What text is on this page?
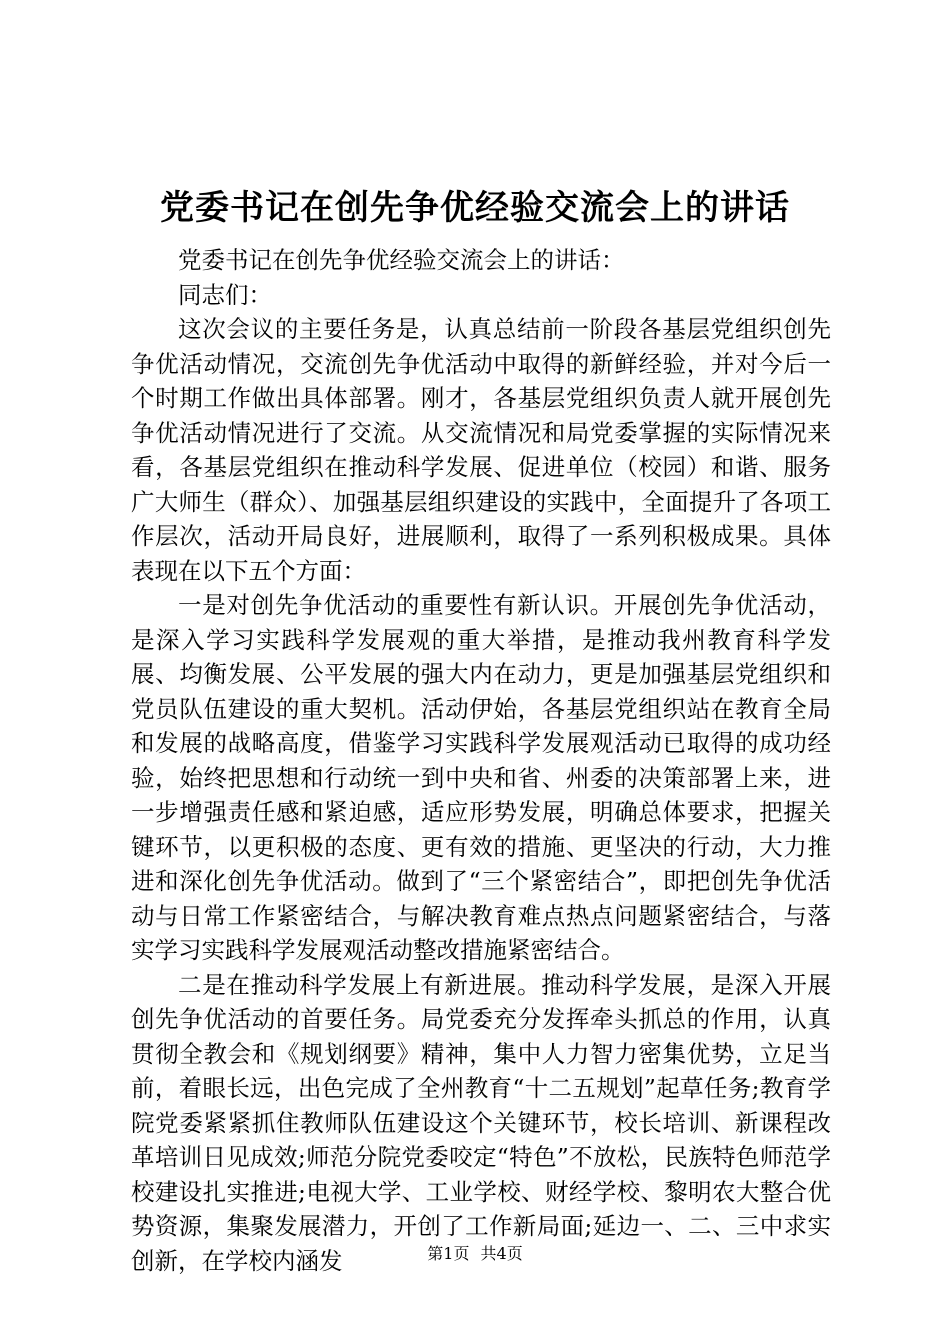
党委书记在创先争优经验交流会上的讲话

党委书记在创先争优经验交流会上的讲话：

同志们：

这次会议的主要任务是，认真总结前一阶段各基层党组织创先争优活动情况，交流创先争优活动中取得的新鲜经验，并对今后一个时期工作做出具体部署。刚才，各基层党组织负责人就开展创先争优活动情况进行了交流。从交流情况和局党委掌握的实际情况来看，各基层党组织在推动科学发展、促进单位（校园）和谐、服务广大师生（群众）、加强基层组织建设的实践中，全面提升了各项工作层次，活动开局良好，进展顺利，取得了一系列积极成果。具体表现在以下五个方面：

一是对创先争优活动的重要性有新认识。开展创先争优活动，是深入学习实践科学发展观的重大举措，是推动我州教育科学发展、均衡发展、公平发展的强大内在动力，更是加强基层党组织和党员队伍建设的重大契机。活动伊始，各基层党组织站在教育全局和发展的战略高度，借鉴学习实践科学发展观活动已取得的成功经验，始终把思想和行动统一到中央和省、州委的决策部署上来，进一步增强责任感和紧迫感，适应形势发展，明确总体要求，把握关键环节，以更积极的态度、更有效的措施、更坚决的行动，大力推进和深化创先争优活动。做到了“三个紧密结合”，即把创先争优活动与日常工作紧密结合，与解决教育难点热点问题紧密结合，与落实学习实践科学发展观活动整改措施紧密结合。

二是在推动科学发展上有新进展。推动科学发展，是深入开展创先争优活动的首要任务。局党委充分发挥牵头抓总的作用，认真贯彻全教会和《规划纲要》精神，集中人力智力密集优势，立足当前，着眼长远，出色完成了全州教育“十二五规划”起草任务;教育学院党委紧紧抓住教师队伍建设这个关键环节，校长培训、新课程改革培训日见成效;师范分院党委咬定“特色”不放松，民族特色师范学校建设扎实推进;电视大学、工业学校、财经学校、黎明农大整合优势资源，集聚发展潜力，开创了工作新局面;延边一、二、三中求实创新，在学校内涵发	第1页 共4页
